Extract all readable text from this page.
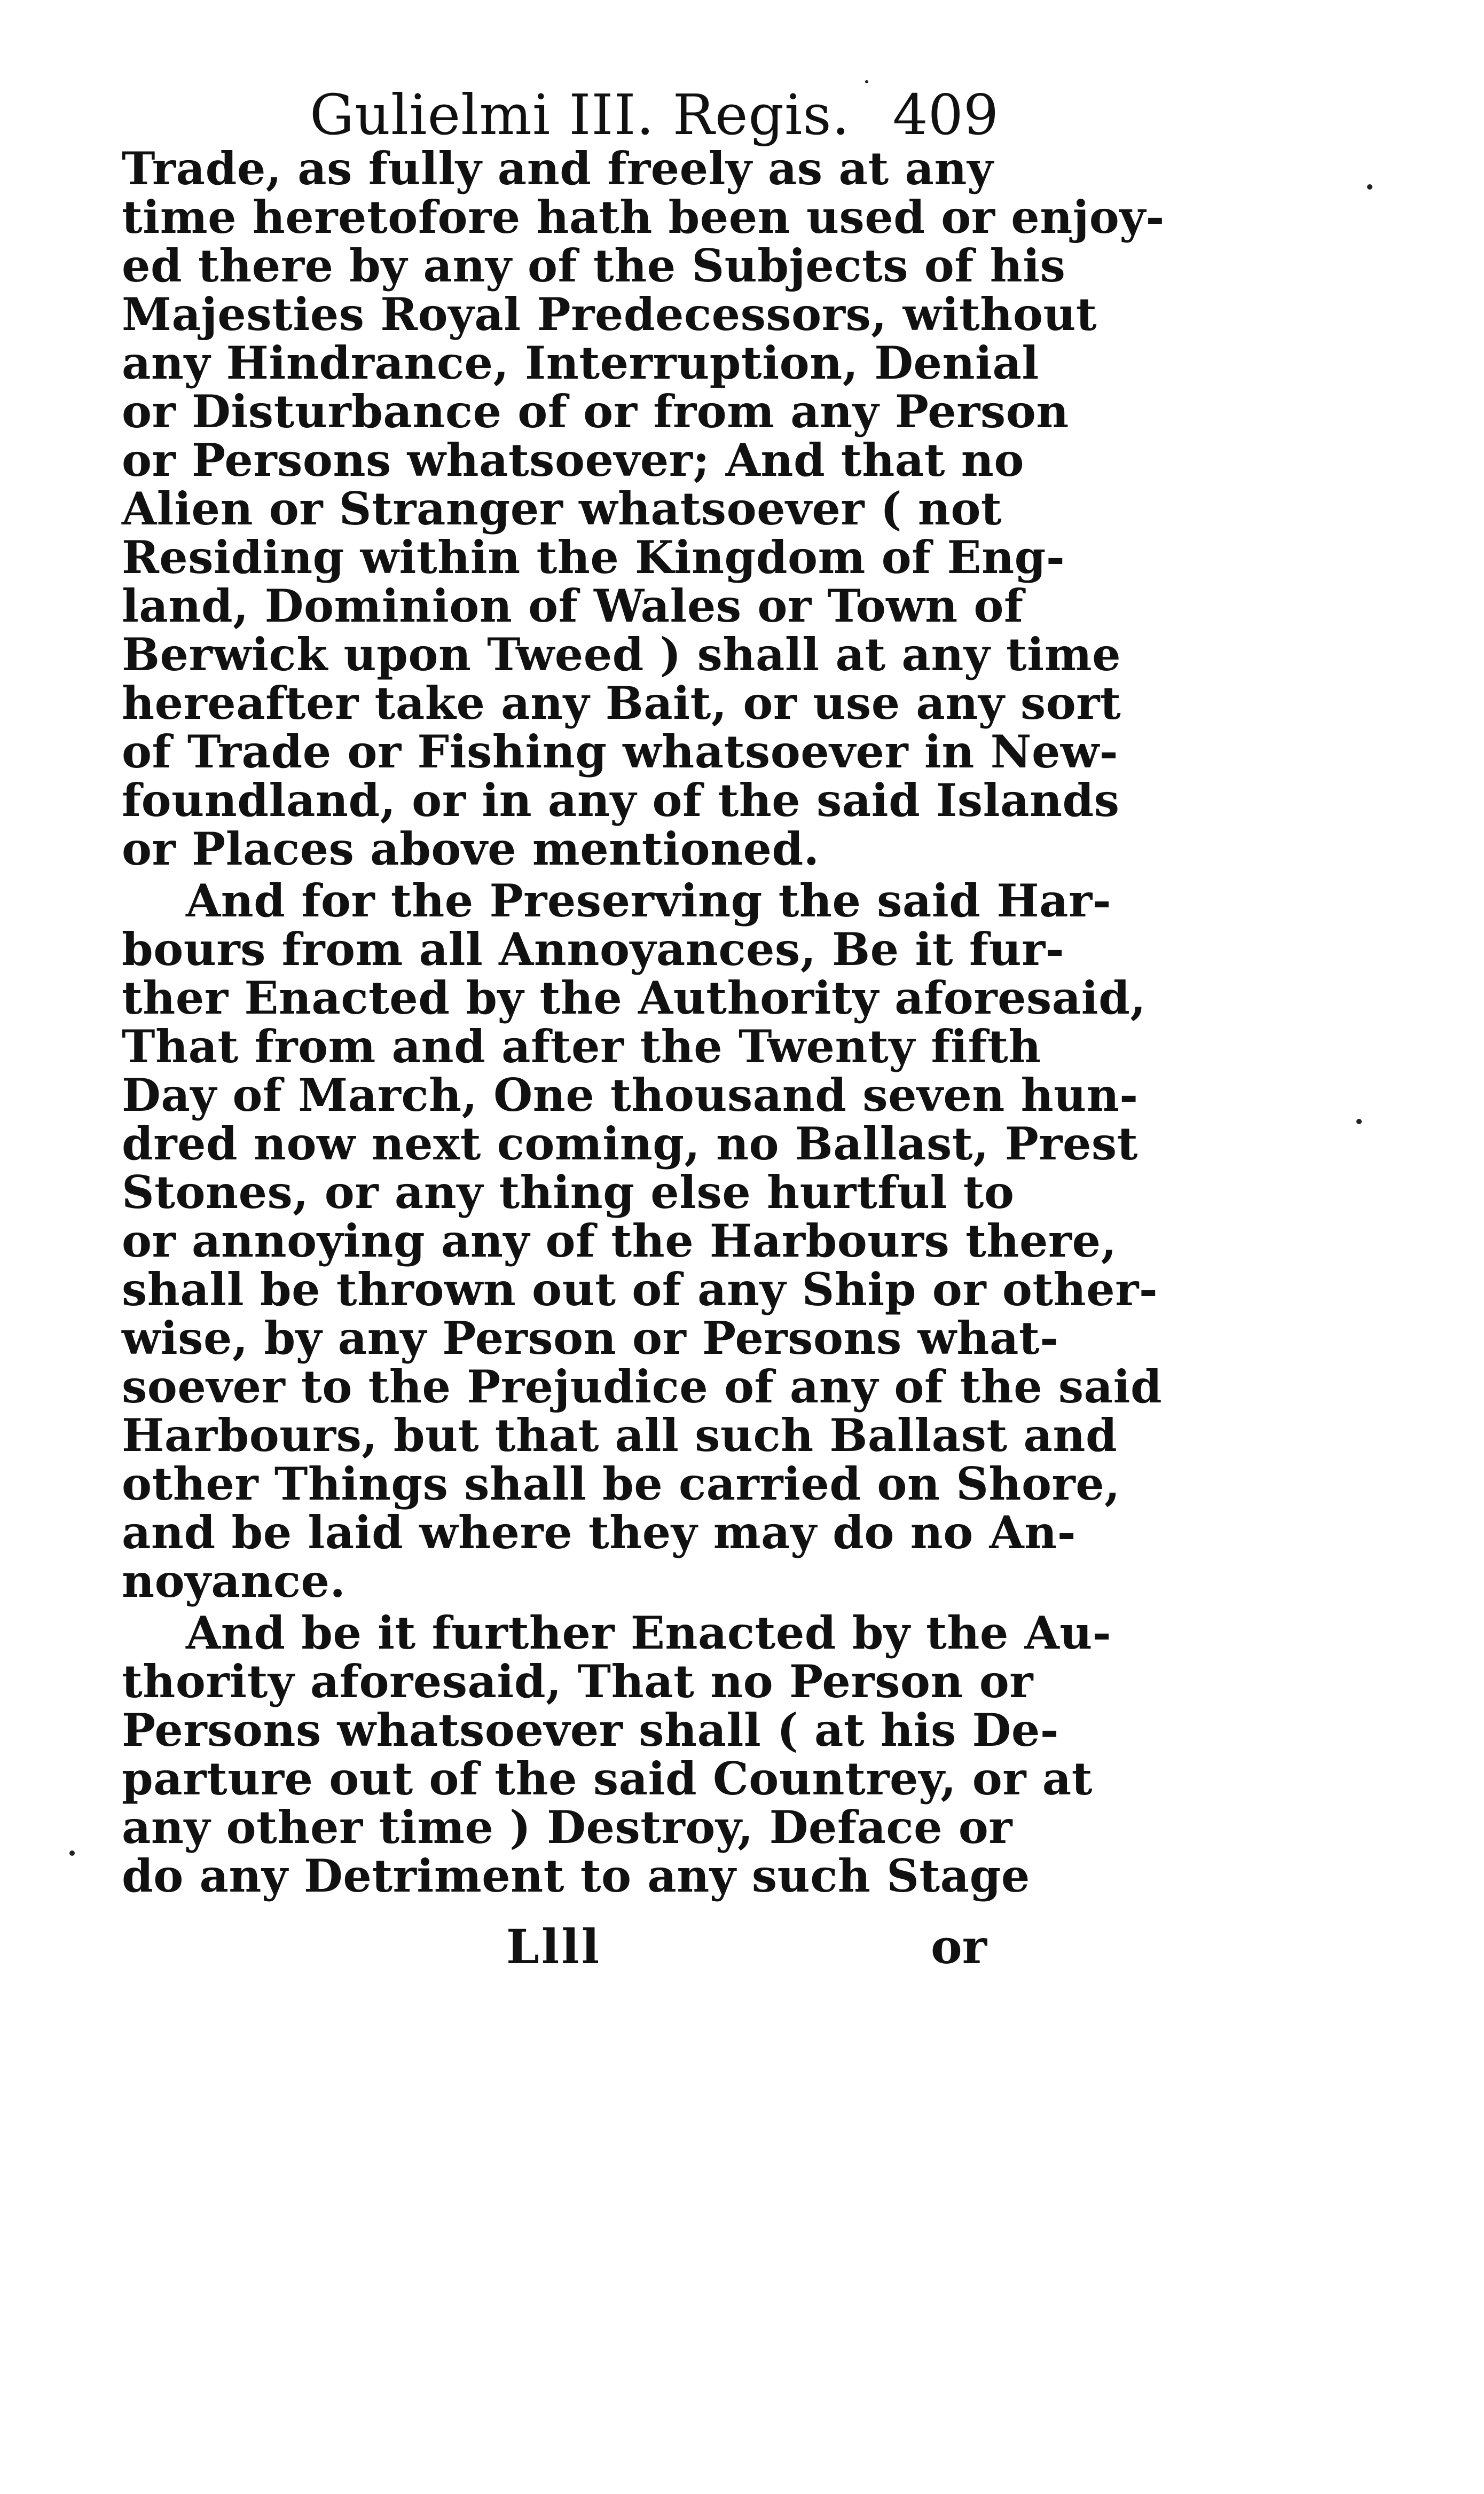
Gulielmi III. Regis. 409
Trade, as fully and freely as at any
time heretofore hath been used or enjoy-
ed there by any of the Subjects of his
Majesties Royal Predecessors, without
any Hindrance, Interruption, Denial
or Disturbance of or from any Person
or Persons whatsoever; And that no
Alien or Stranger whatsoever ( not
Residing within the Kingdom of Eng-
land, Dominion of Wales or Town of
Berwick upon Tweed ) shall at any time
hereafter take any Bait, or use any sort
of Trade or Fishing whatsoever in New-
foundland, or in any of the said Islands
or Places above mentioned.
And for the Preserving the said Har-
bours from all Annoyances, Be it fur-
ther Enacted by the Authority aforesaid,
That from and after the Twenty fifth
Day of March, One thousand seven hun-
dred now next coming, no Ballast, Prest
Stones, or any thing else hurtful to
or annoying any of the Harbours there,
shall be thrown out of any Ship or other-
wise, by any Person or Persons what-
soever to the Prejudice of any of the said
Harbours, but that all such Ballast and
other Things shall be carried on Shore,
and be laid where they may do no An-
noyance.
And be it further Enacted by the Au-
thority aforesaid, That no Person or
Persons whatsoever shall ( at his De-
parture out of the said Countrey, or at
any other time ) Destroy, Deface or
do any Detriment to any such Stage
Llll	or
